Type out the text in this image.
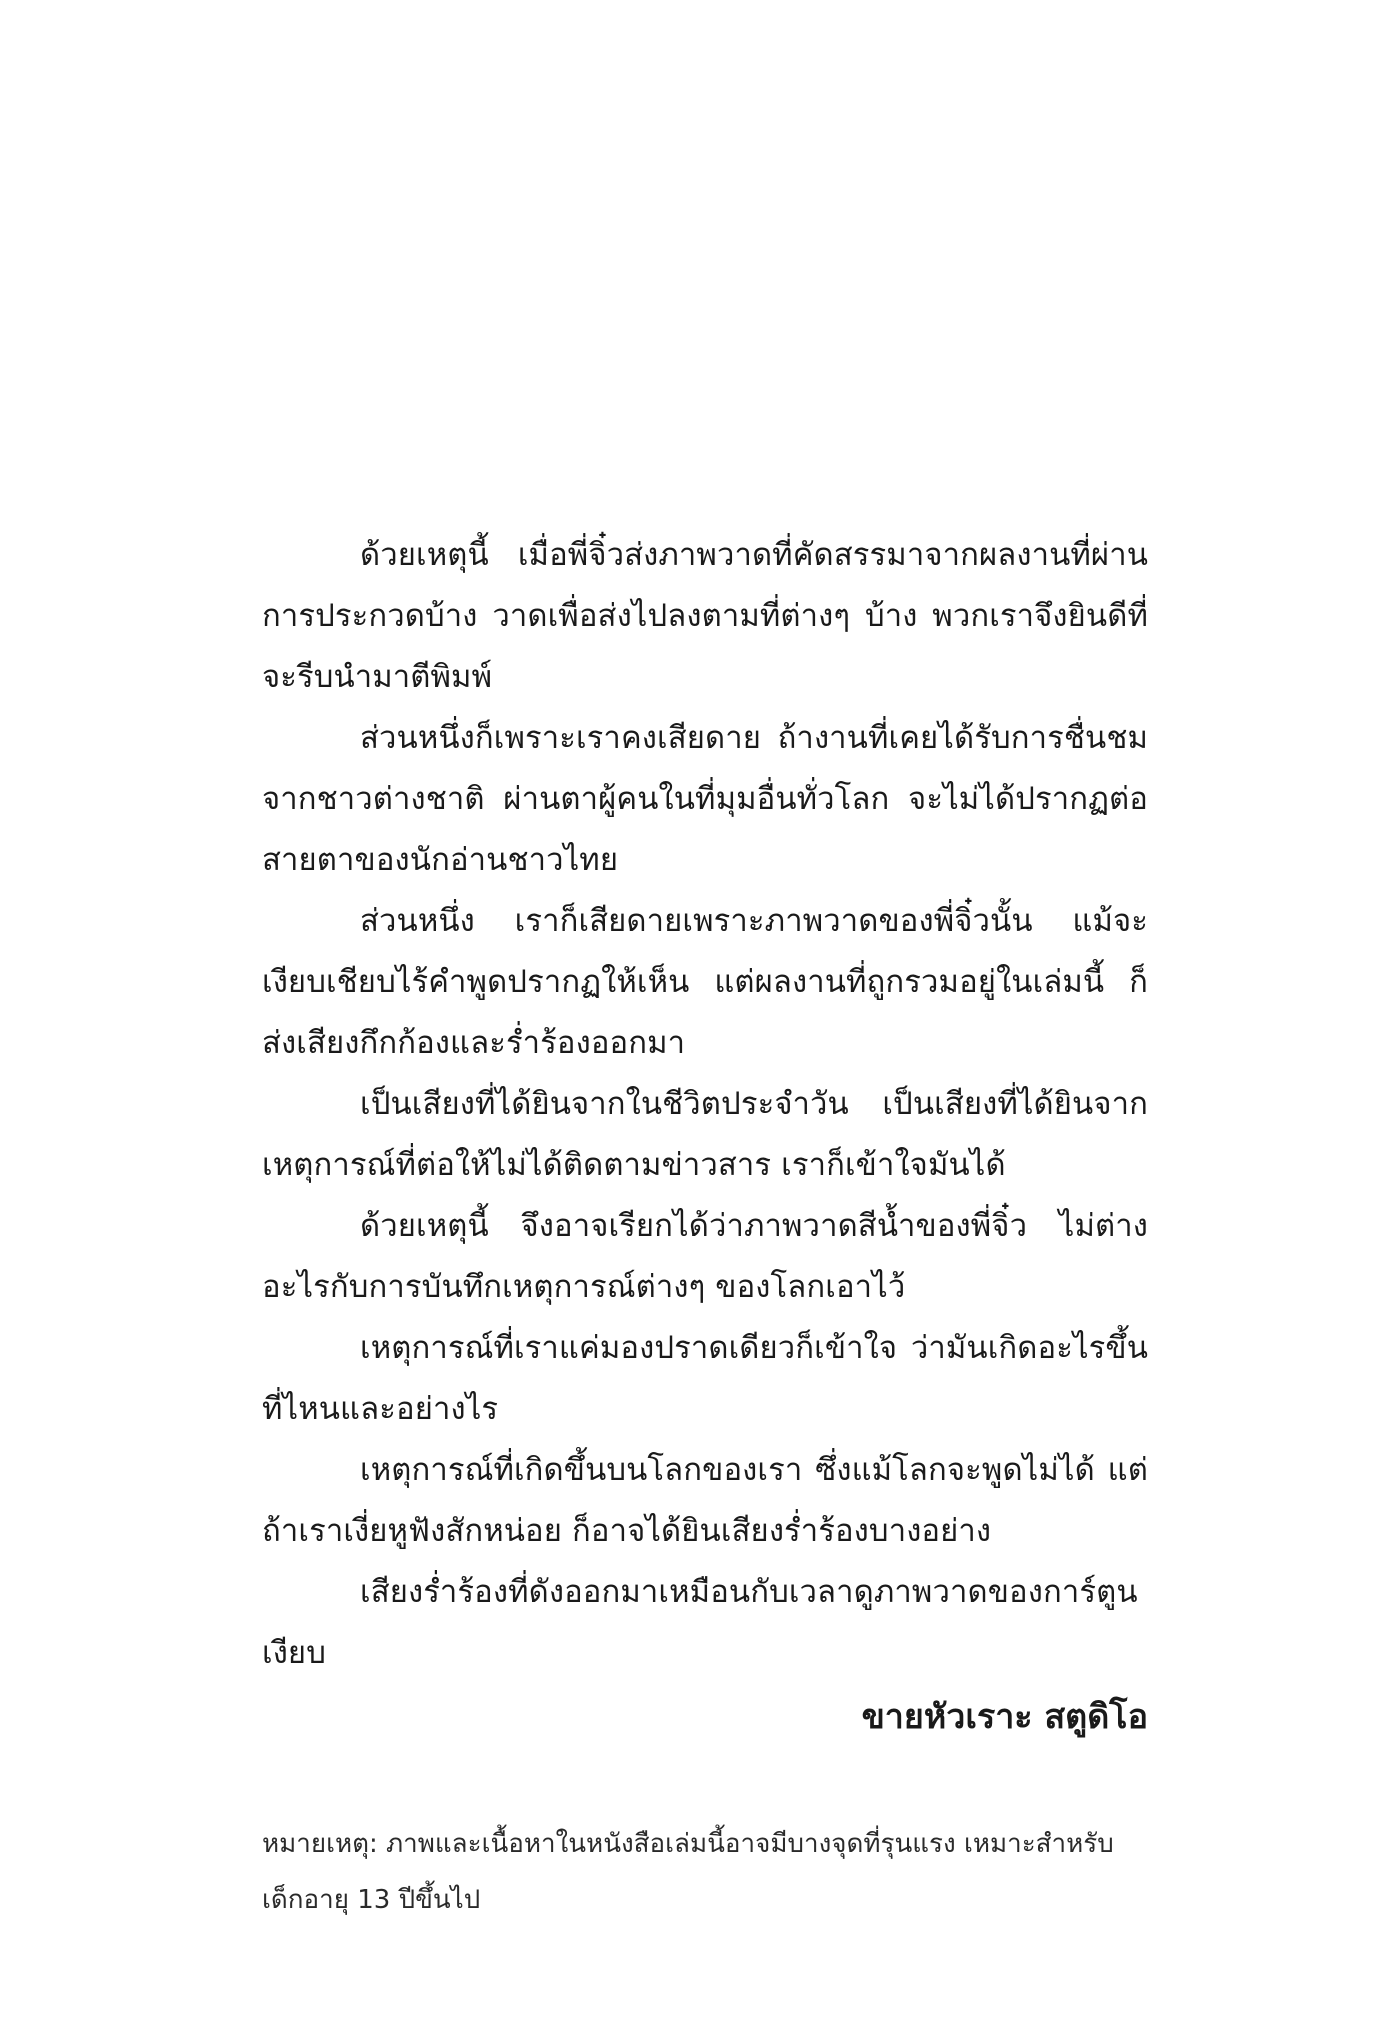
ด้วยเหตุนี้ เมื่อพี่จิ๋วส่งภาพวาดที่คัดสรรมาจากผลงานที่ผ่านการประกวดบ้าง วาดเพื่อส่งไปลงตามที่ต่างๆ บ้าง พวกเราจึงยินดีที่จะรีบนำมาตีพิมพ์

ส่วนหนึ่งก็เพราะเราคงเสียดาย ถ้างานที่เคยได้รับการชื่นชมจากชาวต่างชาติ ผ่านตาผู้คนในที่มุมอื่นทั่วโลก จะไม่ได้ปรากฏต่อสายตาของนักอ่านชาวไทย

ส่วนหนึ่ง เราก็เสียดายเพราะภาพวาดของพี่จิ๋วนั้น แม้จะเงียบเชียบไร้คำพูดปรากฏให้เห็น แต่ผลงานที่ถูกรวมอยู่ในเล่มนี้ ก็ส่งเสียงกึกก้องและร่ำร้องออกมา

เป็นเสียงที่ได้ยินจากในชีวิตประจำวัน เป็นเสียงที่ได้ยินจากเหตุการณ์ที่ต่อให้ไม่ได้ติดตามข่าวสาร เราก็เข้าใจมันได้

ด้วยเหตุนี้ จึงอาจเรียกได้ว่าภาพวาดสีน้ำของพี่จิ๋ว ไม่ต่างอะไรกับการบันทึกเหตุการณ์ต่างๆ ของโลกเอาไว้

เหตุการณ์ที่เราแค่มองปราดเดียวก็เข้าใจ ว่ามันเกิดอะไรขึ้นที่ไหนและอย่างไร

เหตุการณ์ที่เกิดขึ้นบนโลกของเรา ซึ่งแม้โลกจะพูดไม่ได้ แต่ถ้าเราเงี่ยหูฟังสักหน่อย ก็อาจได้ยินเสียงร่ำร้องบางอย่าง

เสียงร่ำร้องที่ดังออกมาเหมือนกับเวลาดูภาพวาดของการ์ตูนเงียบ

ขายหัวเราะ สตูดิโอ

หมายเหตุ: ภาพและเนื้อหาในหนังสือเล่มนี้อาจมีบางจุดที่รุนแรง เหมาะสำหรับเด็กอายุ 13 ปีขึ้นไป
